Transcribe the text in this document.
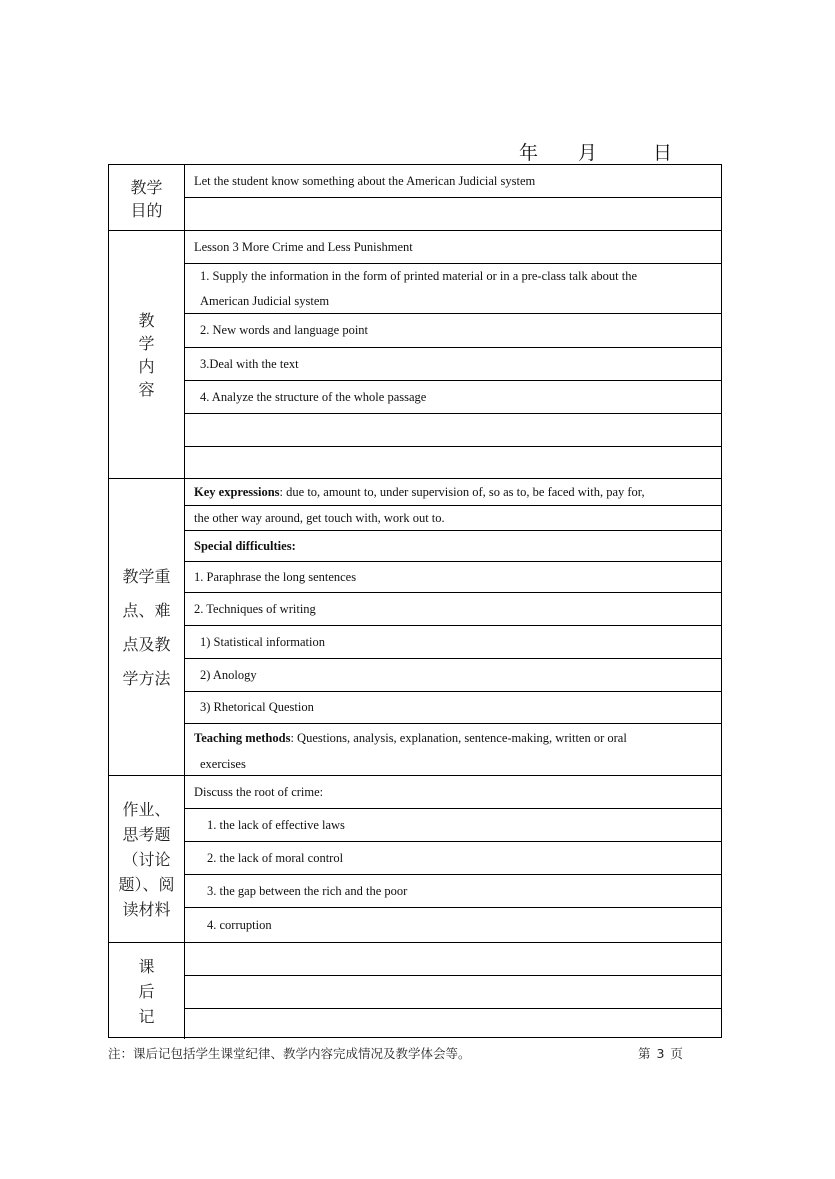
年 月	日
教学
目的
Let the student know something about the American Judicial system
教
学
内
容
Lesson 3 More Crime and Less Punishment
1. Supply the information in the form of printed material or in a pre-class talk about the
American Judicial system
2. New words and language point
3.Deal with the text
4. Analyze the structure of the whole passage
教学重

点、难

点及教

学方法
Key expressions : due to, amount to, under supervision of, so as to, be faced with, pay for,
the other way around, get touch with, work out to.
Special difficulties:
1. Paraphrase the long sentences
2. Techniques of writing
1) Statistical information
2) Anology
3) Rhetorical Question
Teaching methods : Questions, analysis, explanation, sentence-making, written or oral
exercises
作业、
思考题
（讨论
题）、阅
读材料
Discuss the root of crime:
1. the lack of effective laws
2. the lack of moral control
3. the gap between the rich and the poor
4. corruption
课
后
记
注：课后记包括学生课堂纪律、教学内容完成情况及教学体会等。	第 3 页
